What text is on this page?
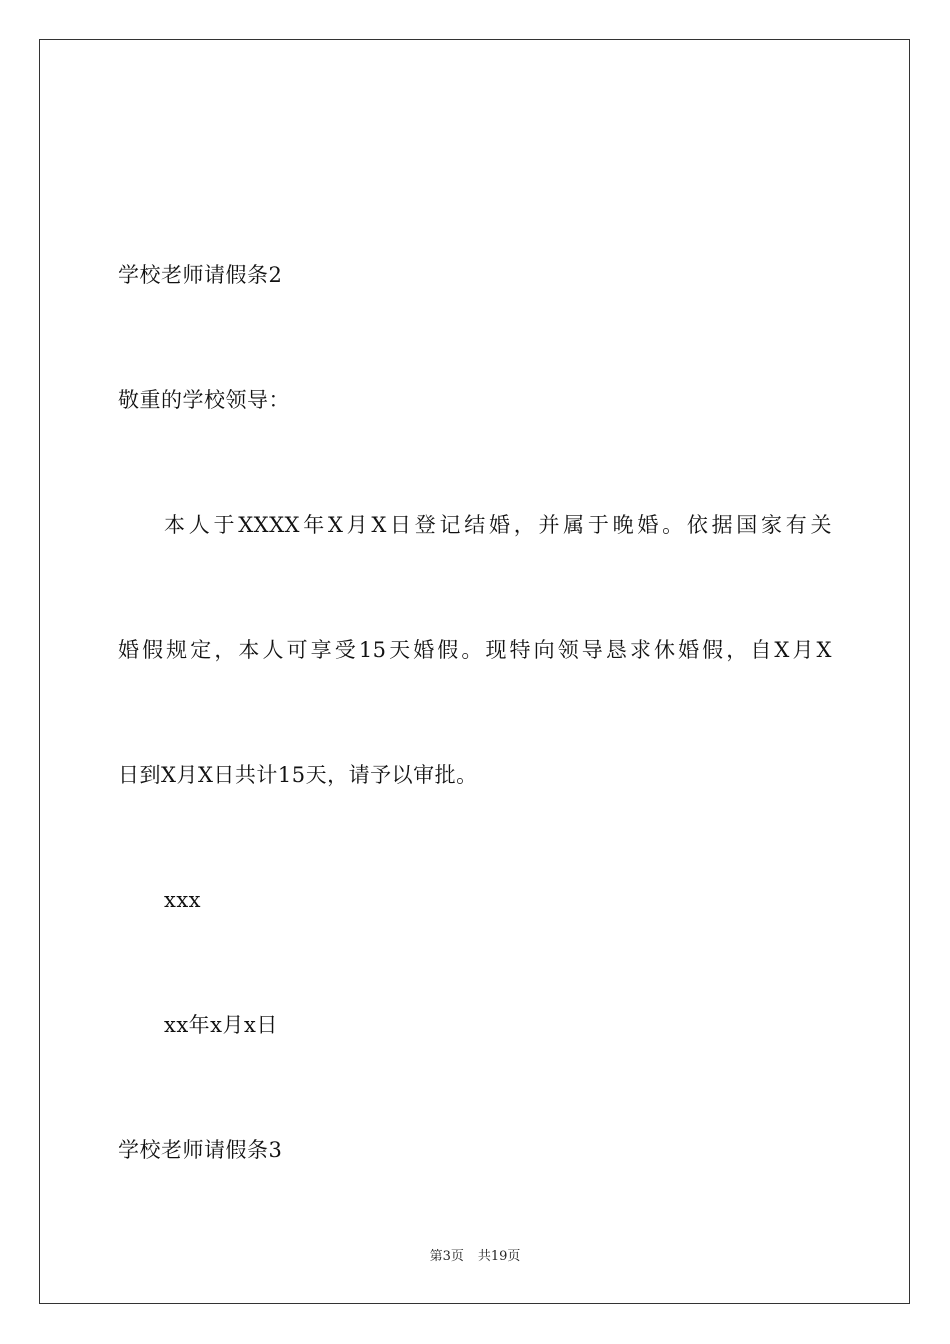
学校老师请假条2
敬重的学校领导：
本人于XXXX年X月X日登记结婚，并属于晚婚。依据国家有关
婚假规定，本人可享受15天婚假。现特向领导恳求休婚假，自X月X
日到X月X日共计15天，请予以审批。
xxx
xx年x月x日
学校老师请假条3
第3页 共19页
